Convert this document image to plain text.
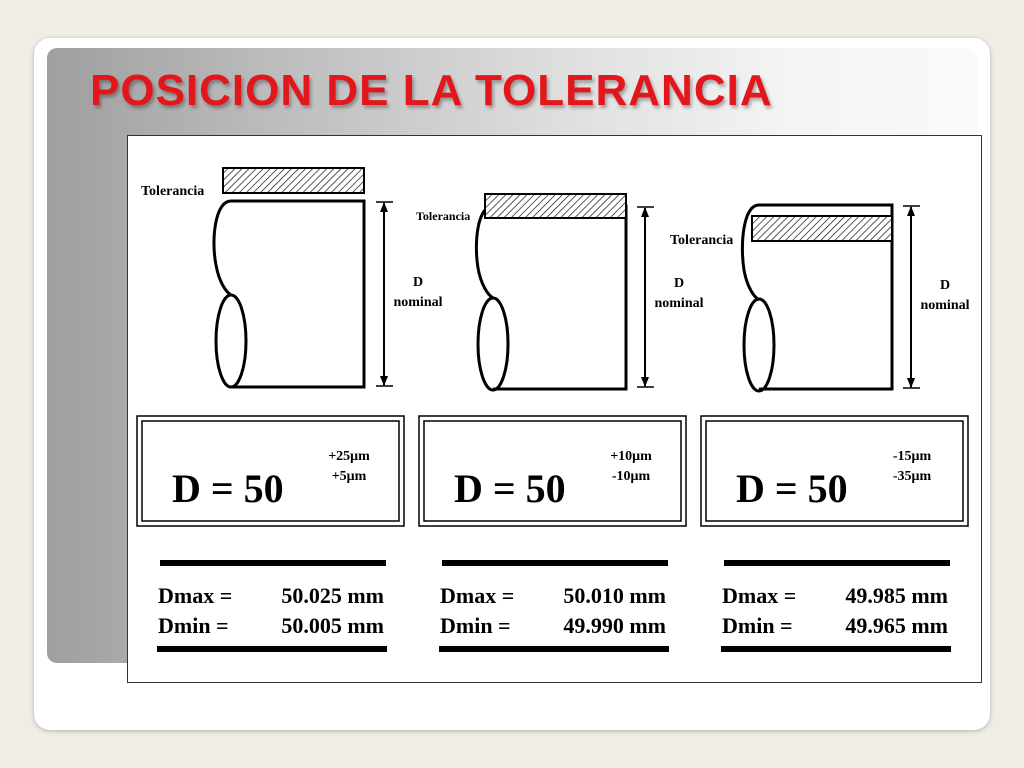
POSICION DE LA TOLERANCIA
Tolerancia
D
nominal
D = 50
+25μm
+5μm
Dmax = 50.025 mm
Dmin = 50.005 mm
Tolerancia
D
nominal
D = 50
+10μm
-10μm
Dmax = 50.010 mm
Dmin = 49.990 mm
Tolerancia
D
nominal
D = 50
-15μm
-35μm
Dmax = 49.985 mm
Dmin = 49.965 mm
